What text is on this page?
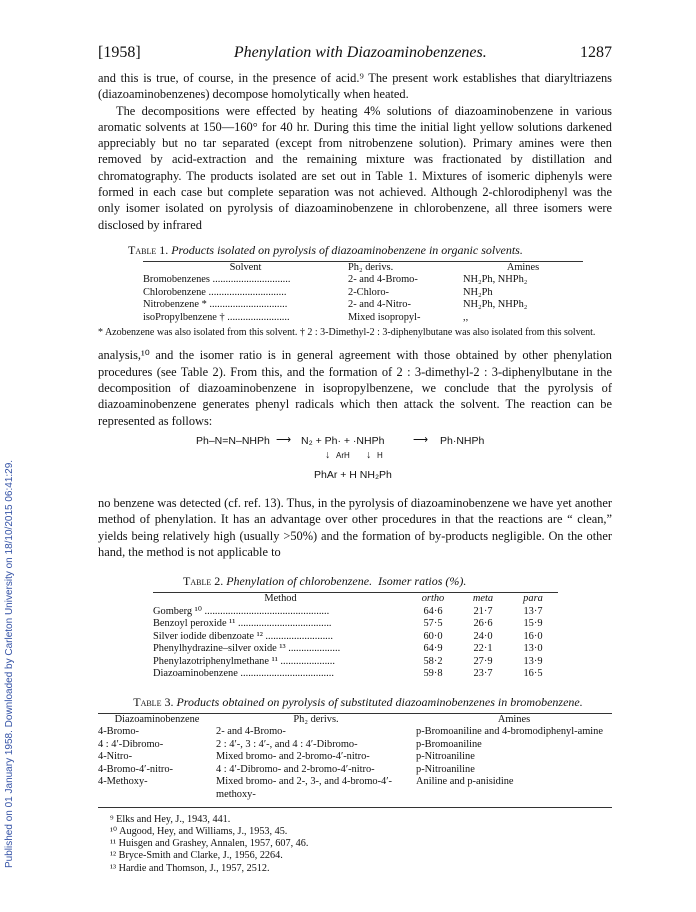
Published on 01 January 1958. Downloaded by Carleton University on 18/10/2015 06:41:29.
[1958]	Phenylation with Diazoaminobenzenes.	1287

and this is true, of course, in the presence of acid.⁹ The present work establishes that diaryltriazens (diazoaminobenzenes) decompose homolytically when heated.

The decompositions were effected by heating 4% solutions of diazoaminobenzene in various aromatic solvents at 150—160° for 40 hr. During this time the initial light yellow solutions darkened appreciably but no tar separated (except from nitrobenzene solution). Primary amines were then removed by acid-extraction and the remaining mixture was fractionated by distillation and chromatography. The products isolated are set out in Table 1. Mixtures of isomeric diphenyls were formed in each case but complete separation was not achieved. Although 2-chlorodiphenyl was the only isomer isolated on pyrolysis of diazoaminobenzene in chlorobenzene, all three isomers were disclosed by infrared

Table 1. Products isolated on pyrolysis of diazoaminobenzene in organic solvents.
Solvent	Ph₂ derivs.	Amines
Bromobenzenes ..............................	2- and 4-Bromo-	NH₂Ph, NHPh₂
Chlorobenzene ..............................	2-Chloro-	NH₂Ph
Nitrobenzene * ..............................	2- and 4-Nitro-	NH₂Ph, NHPh₂
isoPropylbenzene † ........................	Mixed isopropyl-	,,

* Azobenzene was also isolated from this solvent. † 2 : 3-Dimethyl-2 : 3-diphenylbutane was also isolated from this solvent.

analysis,¹⁰ and the isomer ratio is in general agreement with those obtained by other phenylation procedures (see Table 2). From this, and the formation of 2 : 3-dimethyl-2 : 3-diphenylbutane in the decomposition of diazoaminobenzene in isopropylbenzene, we conclude that the pyrolysis of diazoaminobenzene generates phenyl radicals which then attack the solvent. The reaction can be represented as follows:

Ph–N=N–NHPh ⟶ N₂ + Ph· + ·NHPh	⟶ Ph·NHPh
↓ ArH ↓ H
PhAr + H NH₂Ph

no benzene was detected (cf. ref. 13). Thus, in the pyrolysis of diazoaminobenzene we have yet another method of phenylation. It has an advantage over other procedures in that the reactions are “ clean,” yields being relatively high (usually >50%) and the formation of by-products negligible. On the other hand, the method is not applicable to

Table 2. Phenylation of chlorobenzene. Isomer ratios (%).
Method	ortho	meta	para
Gomberg ¹⁰ ................................................	64·6	21·7	13·7
Benzoyl peroxide ¹¹ ....................................	57·5	26·6	15·9
Silver iodide dibenzoate ¹² ..........................	60·0	24·0	16·0
Phenylhydrazine–silver oxide ¹³ ....................	64·9	22·1	13·0
Phenylazotriphenylmethane ¹¹ .....................	58·2	27·9	13·9
Diazoaminobenzene ....................................	59·8	23·7	16·5
Table 3. Products obtained on pyrolysis of substituted diazoaminobenzenes in bromobenzene.
Diazoaminobenzene	Ph₂ derivs.	Amines
4-Bromo-	2- and 4-Bromo-	p-Bromoaniline and 4-bromodiphenyl-amine
4 : 4′-Dibromo-	2 : 4′-, 3 : 4′-, and 4 : 4′-Dibromo-	p-Bromoaniline
4-Nitro-	Mixed bromo- and 2-bromo-4′-nitro-	p-Nitroaniline
4-Bromo-4′-nitro-	4 : 4′-Dibromo- and 2-bromo-4′-nitro-	p-Nitroaniline
4-Methoxy-	Mixed bromo- and 2-, 3-, and 4-bromo-4′-methoxy-	Aniline and p-anisidine
⁹ Elks and Hey, J., 1943, 441.
¹⁰ Augood, Hey, and Williams, J., 1953, 45.
¹¹ Huisgen and Grashey, Annalen, 1957, 607, 46.
¹² Bryce-Smith and Clarke, J., 1956, 2264.
¹³ Hardie and Thomson, J., 1957, 2512.
